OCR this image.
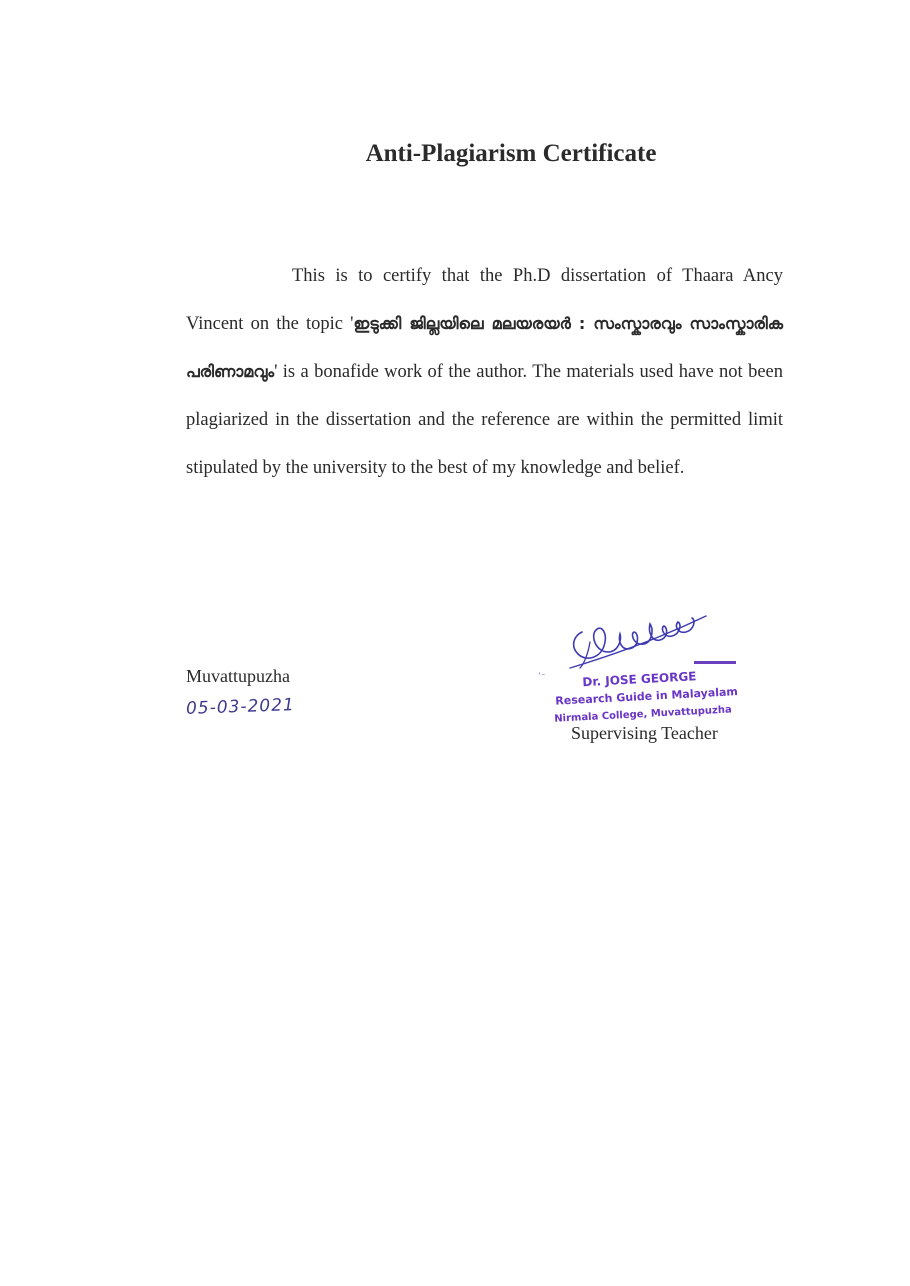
Anti-Plagiarism Certificate

This is to certify that the Ph.D dissertation of Thaara Ancy Vincent on the topic 'ഇടുക്കി ജില്ലയിലെ മലയരയർ : സംസ്കാരവും സാംസ്കാരിക പരിണാമവും' is a bonafide work of the author. The materials used have not been plagiarized in the dissertation and the reference are within the permitted limit stipulated by the university to the best of my knowledge and belief.

Muvattupuzha
05-03-2021
’⁻	Dr. JOSE GEORGE
Research Guide in Malayalam
Nirmala College, Muvattupuzha
Supervising Teacher
